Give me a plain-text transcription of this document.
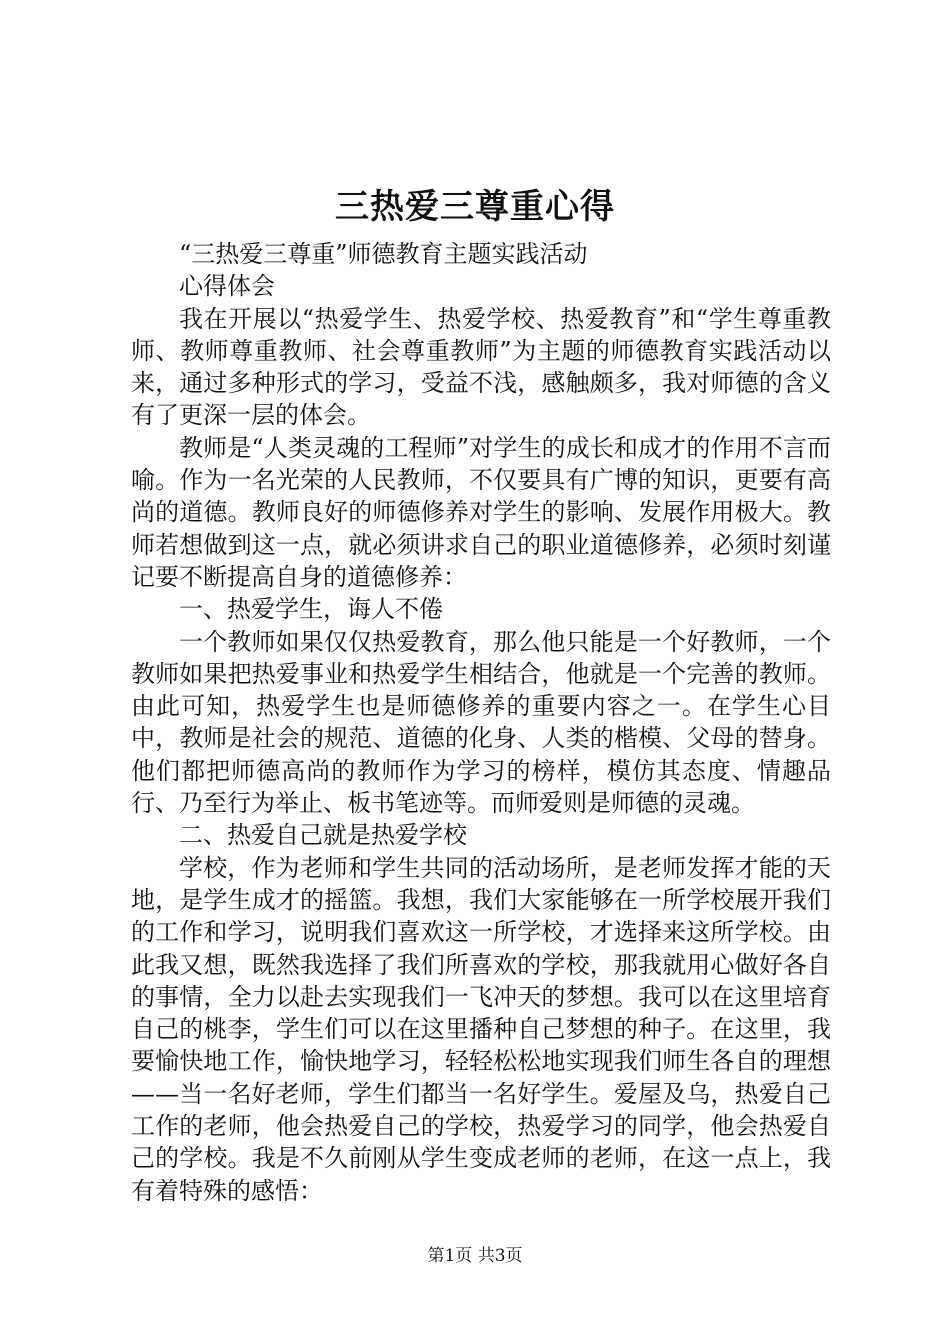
三热爱三尊重心得

“三热爱三尊重”师德教育主题实践活动

心得体会

我在开展以“热爱学生、热爱学校、热爱教育”和“学生尊重教师、教师尊重教师、社会尊重教师”为主题的师德教育实践活动以来，通过多种形式的学习，受益不浅，感触颇多，我对师德的含义有了更深一层的体会。

教师是“人类灵魂的工程师”对学生的成长和成才的作用不言而喻。作为一名光荣的人民教师，不仅要具有广博的知识，更要有高尚的道德。教师良好的师德修养对学生的影响、发展作用极大。教师若想做到这一点，就必须讲求自己的职业道德修养，必须时刻谨记要不断提高自身的道德修养：

一、热爱学生，诲人不倦

一个教师如果仅仅热爱教育，那么他只能是一个好教师，一个教师如果把热爱事业和热爱学生相结合，他就是一个完善的教师。由此可知，热爱学生也是师德修养的重要内容之一。在学生心目中，教师是社会的规范、道德的化身、人类的楷模、父母的替身。他们都把师德高尚的教师作为学习的榜样，模仿其态度、情趣品行、乃至行为举止、板书笔迹等。而师爱则是师德的灵魂。

二、热爱自己就是热爱学校

学校，作为老师和学生共同的活动场所，是老师发挥才能的天地，是学生成才的摇篮。我想，我们大家能够在一所学校展开我们的工作和学习，说明我们喜欢这一所学校，才选择来这所学校。由此我又想，既然我选择了我们所喜欢的学校，那我就用心做好各自的事情，全力以赴去实现我们一飞冲天的梦想。我可以在这里培育自己的桃李，学生们可以在这里播种自己梦想的种子。在这里，我要愉快地工作，愉快地学习，轻轻松松地实现我们师生各自的理想——当一名好老师，学生们都当一名好学生。爱屋及乌，热爱自己工作的老师，他会热爱自己的学校，热爱学习的同学，他会热爱自己的学校。我是不久前刚从学生变成老师的老师，在这一点上，我有着特殊的感悟：

第1页 共3页
